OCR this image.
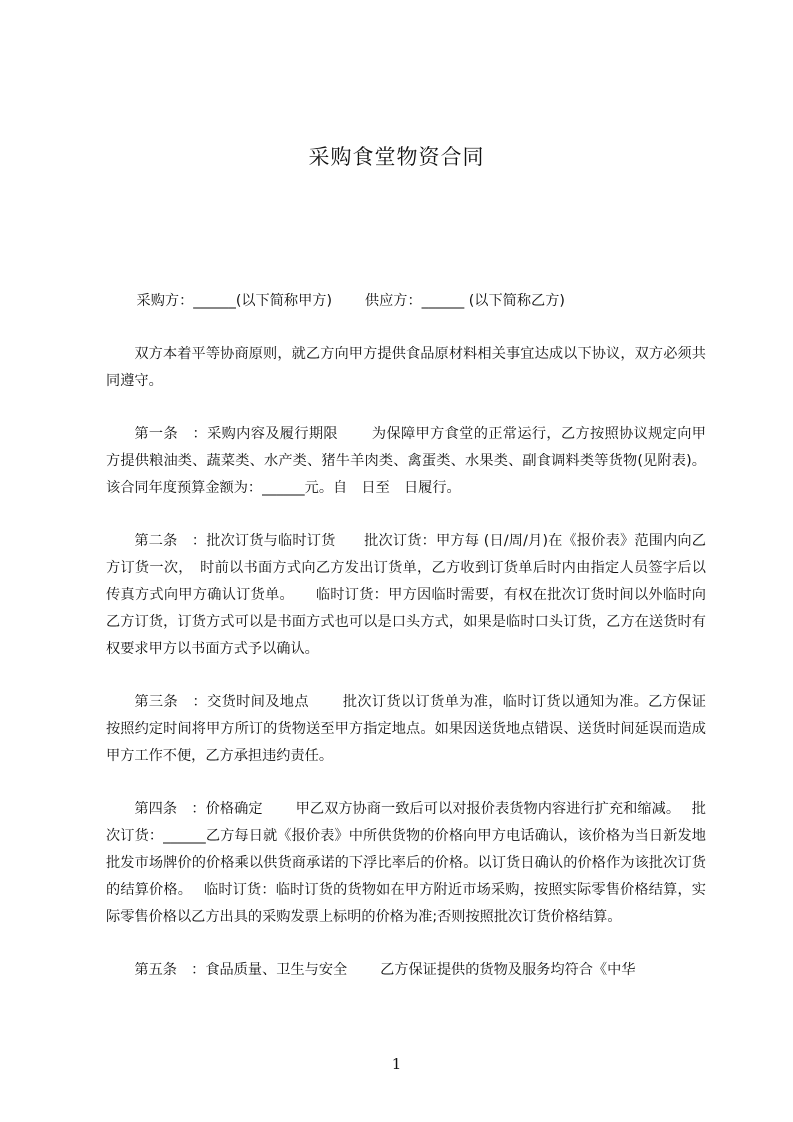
采购食堂物资合同

采购方：______(以下简称甲方)　　 供应方：______ (以下简称乙方)

双方本着平等协商原则，就乙方向甲方提供食品原材料相关事宜达成以下协议，双方必须共同遵守。

第一条　：采购内容及履行期限　　 为保障甲方食堂的正常运行，乙方按照协议规定向甲方提供粮油类、蔬菜类、水产类、猪牛羊肉类、禽蛋类、水果类、副食调料类等货物(见附表)。该合同年度预算金额为：______元。自　日至　日履行。

第二条　：批次订货与临时订货　　批次订货：甲方每 (日/周/月)在《报价表》范围内向乙方订货一次，　时前以书面方式向乙方发出订货单，乙方收到订货单后时内由指定人员签字后以传真方式向甲方确认订货单。　　临时订货：甲方因临时需要，有权在批次订货时间以外临时向乙方订货，订货方式可以是书面方式也可以是口头方式，如果是临时口头订货，乙方在送货时有权要求甲方以书面方式予以确认。

第三条　：交货时间及地点　　 批次订货以订货单为准，临时订货以通知为准。乙方保证按照约定时间将甲方所订的货物送至甲方指定地点。如果因送货地点错误、送货时间延误而造成甲方工作不便，乙方承担违约责任。

第四条　：价格确定　　 甲乙双方协商一致后可以对报价表货物内容进行扩充和缩减。　 批次订货：______乙方每日就《报价表》中所供货物的价格向甲方电话确认，该价格为当日新发地批发市场牌价的价格乘以供货商承诺的下浮比率后的价格。以订货日确认的价格作为该批次订货的结算价格。　 临时订货：临时订货的货物如在甲方附近市场采购，按照实际零售价格结算，实际零售价格以乙方出具的采购发票上标明的价格为准;否则按照批次订货价格结算。

第五条　：食品质量、卫生与安全　　 乙方保证提供的货物及服务均符合《中华

1
